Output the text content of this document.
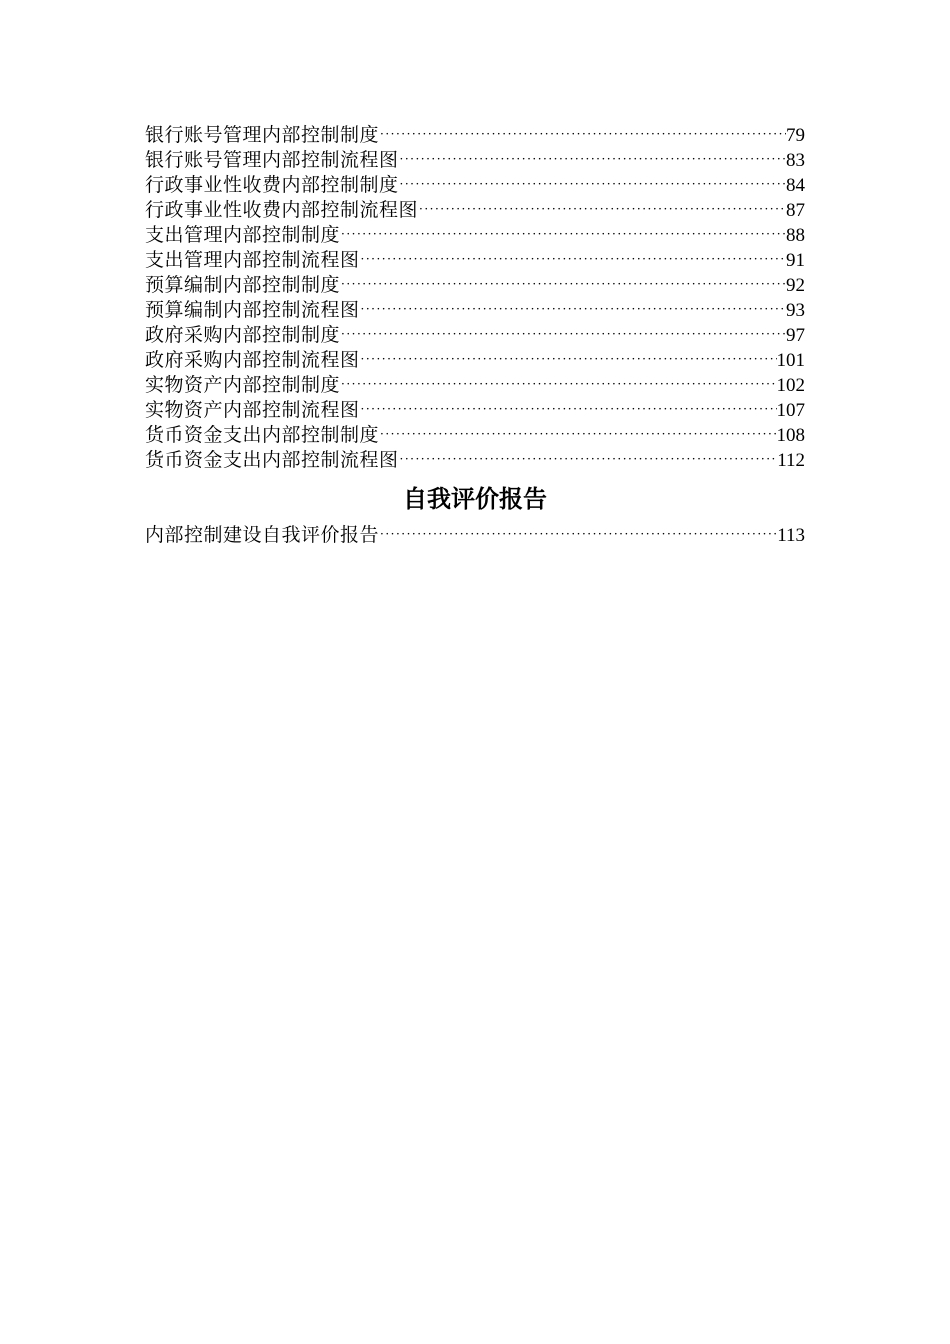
银行账号管理内部控制制度 ·····	79
银行账号管理内部控制流程图 ·····	83
行政事业性收费内部控制制度 ·····	84
行政事业性收费内部控制流程图 ·····	87
支出管理内部控制制度 ·····	88
支出管理内部控制流程图 ·····	91
预算编制内部控制制度 ·····	92
预算编制内部控制流程图 ·····	93
政府采购内部控制制度 ·····	97
政府采购内部控制流程图 ·····	101
实物资产内部控制制度 ·····	102
实物资产内部控制流程图 ·····	107
货币资金支出内部控制制度 ·····	108
货币资金支出内部控制流程图 ·····	112
自我评价报告
内部控制建设自我评价报告 ·····	113
